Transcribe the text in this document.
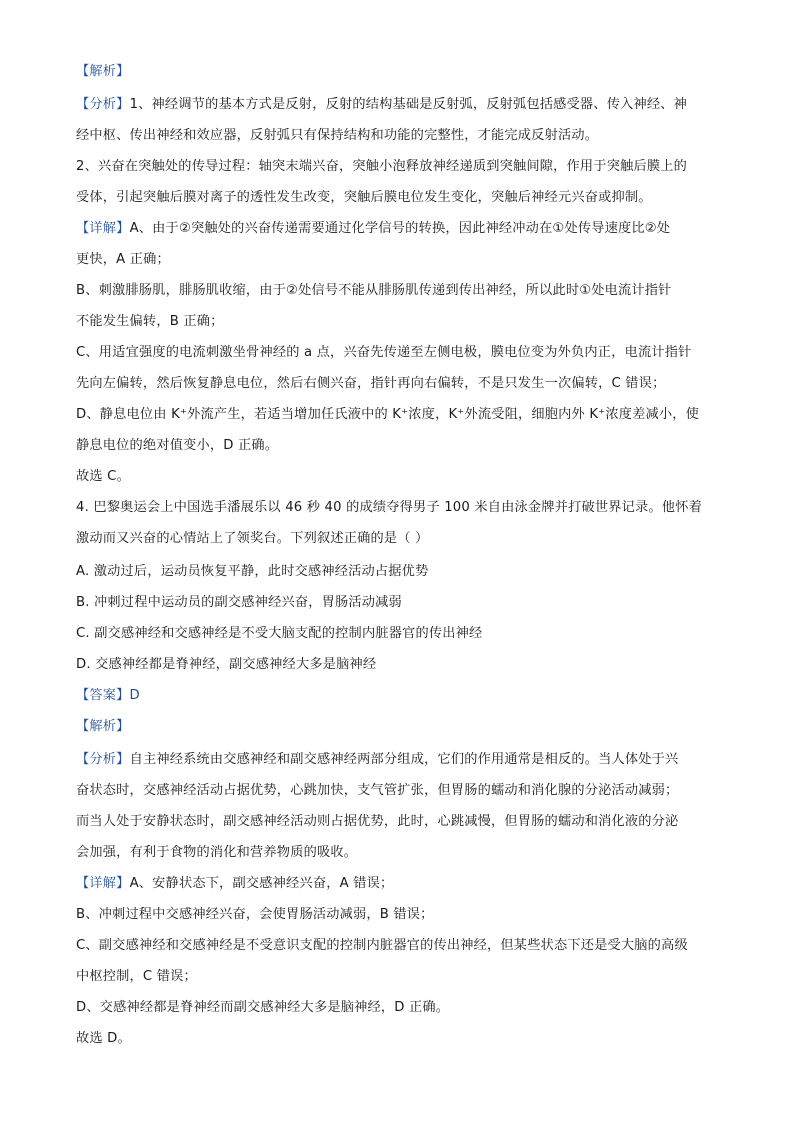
【解析】
【分析】1、神经调节的基本方式是反射，反射的结构基础是反射弧，反射弧包括感受器、传入神经、神
经中枢、传出神经和效应器，反射弧只有保持结构和功能的完整性，才能完成反射活动。
2、兴奋在突触处的传导过程：轴突末端兴奋，突触小泡释放神经递质到突触间隙，作用于突触后膜上的
受体，引起突触后膜对离子的透性发生改变，突触后膜电位发生变化，突触后神经元兴奋或抑制。
【详解】A、由于②突触处的兴奋传递需要通过化学信号的转换，因此神经冲动在①处传导速度比②处
更快，A 正确；
B、刺激腓肠肌，腓肠肌收缩，由于②处信号不能从腓肠肌传递到传出神经，所以此时①处电流计指针
不能发生偏转，B 正确；
C、用适宜强度的电流刺激坐骨神经的 a 点，兴奋先传递至左侧电极，膜电位变为外负内正，电流计指针
先向左偏转，然后恢复静息电位，然后右侧兴奋，指针再向右偏转，不是只发生一次偏转，C 错误；
D、静息电位由 K⁺外流产生，若适当增加任氏液中的 K⁺浓度，K⁺外流受阻，细胞内外 K⁺浓度差减小，使
静息电位的绝对值变小，D 正确。
故选 C。
4. 巴黎奥运会上中国选手潘展乐以 46 秒 40 的成绩夺得男子 100 米自由泳金牌并打破世界记录。他怀着
激动而又兴奋的心情站上了领奖台。下列叙述正确的是（ ）
A. 激动过后，运动员恢复平静，此时交感神经活动占据优势
B. 冲刺过程中运动员的副交感神经兴奋，胃肠活动减弱
C. 副交感神经和交感神经是不受大脑支配的控制内脏器官的传出神经
D. 交感神经都是脊神经，副交感神经大多是脑神经
【答案】D
【解析】
【分析】自主神经系统由交感神经和副交感神经两部分组成，它们的作用通常是相反的。当人体处于兴
奋状态时，交感神经活动占据优势，心跳加快，支气管扩张，但胃肠的蠕动和消化腺的分泌活动减弱；
而当人处于安静状态时，副交感神经活动则占据优势，此时，心跳减慢，但胃肠的蠕动和消化液的分泌
会加强，有利于食物的消化和营养物质的吸收。
【详解】A、安静状态下，副交感神经兴奋，A 错误；
B、冲刺过程中交感神经兴奋，会使胃肠活动减弱，B 错误；
C、副交感神经和交感神经是不受意识支配的控制内脏器官的传出神经，但某些状态下还是受大脑的高级
中枢控制，C 错误；
D、交感神经都是脊神经而副交感神经大多是脑神经，D 正确。
故选 D。
